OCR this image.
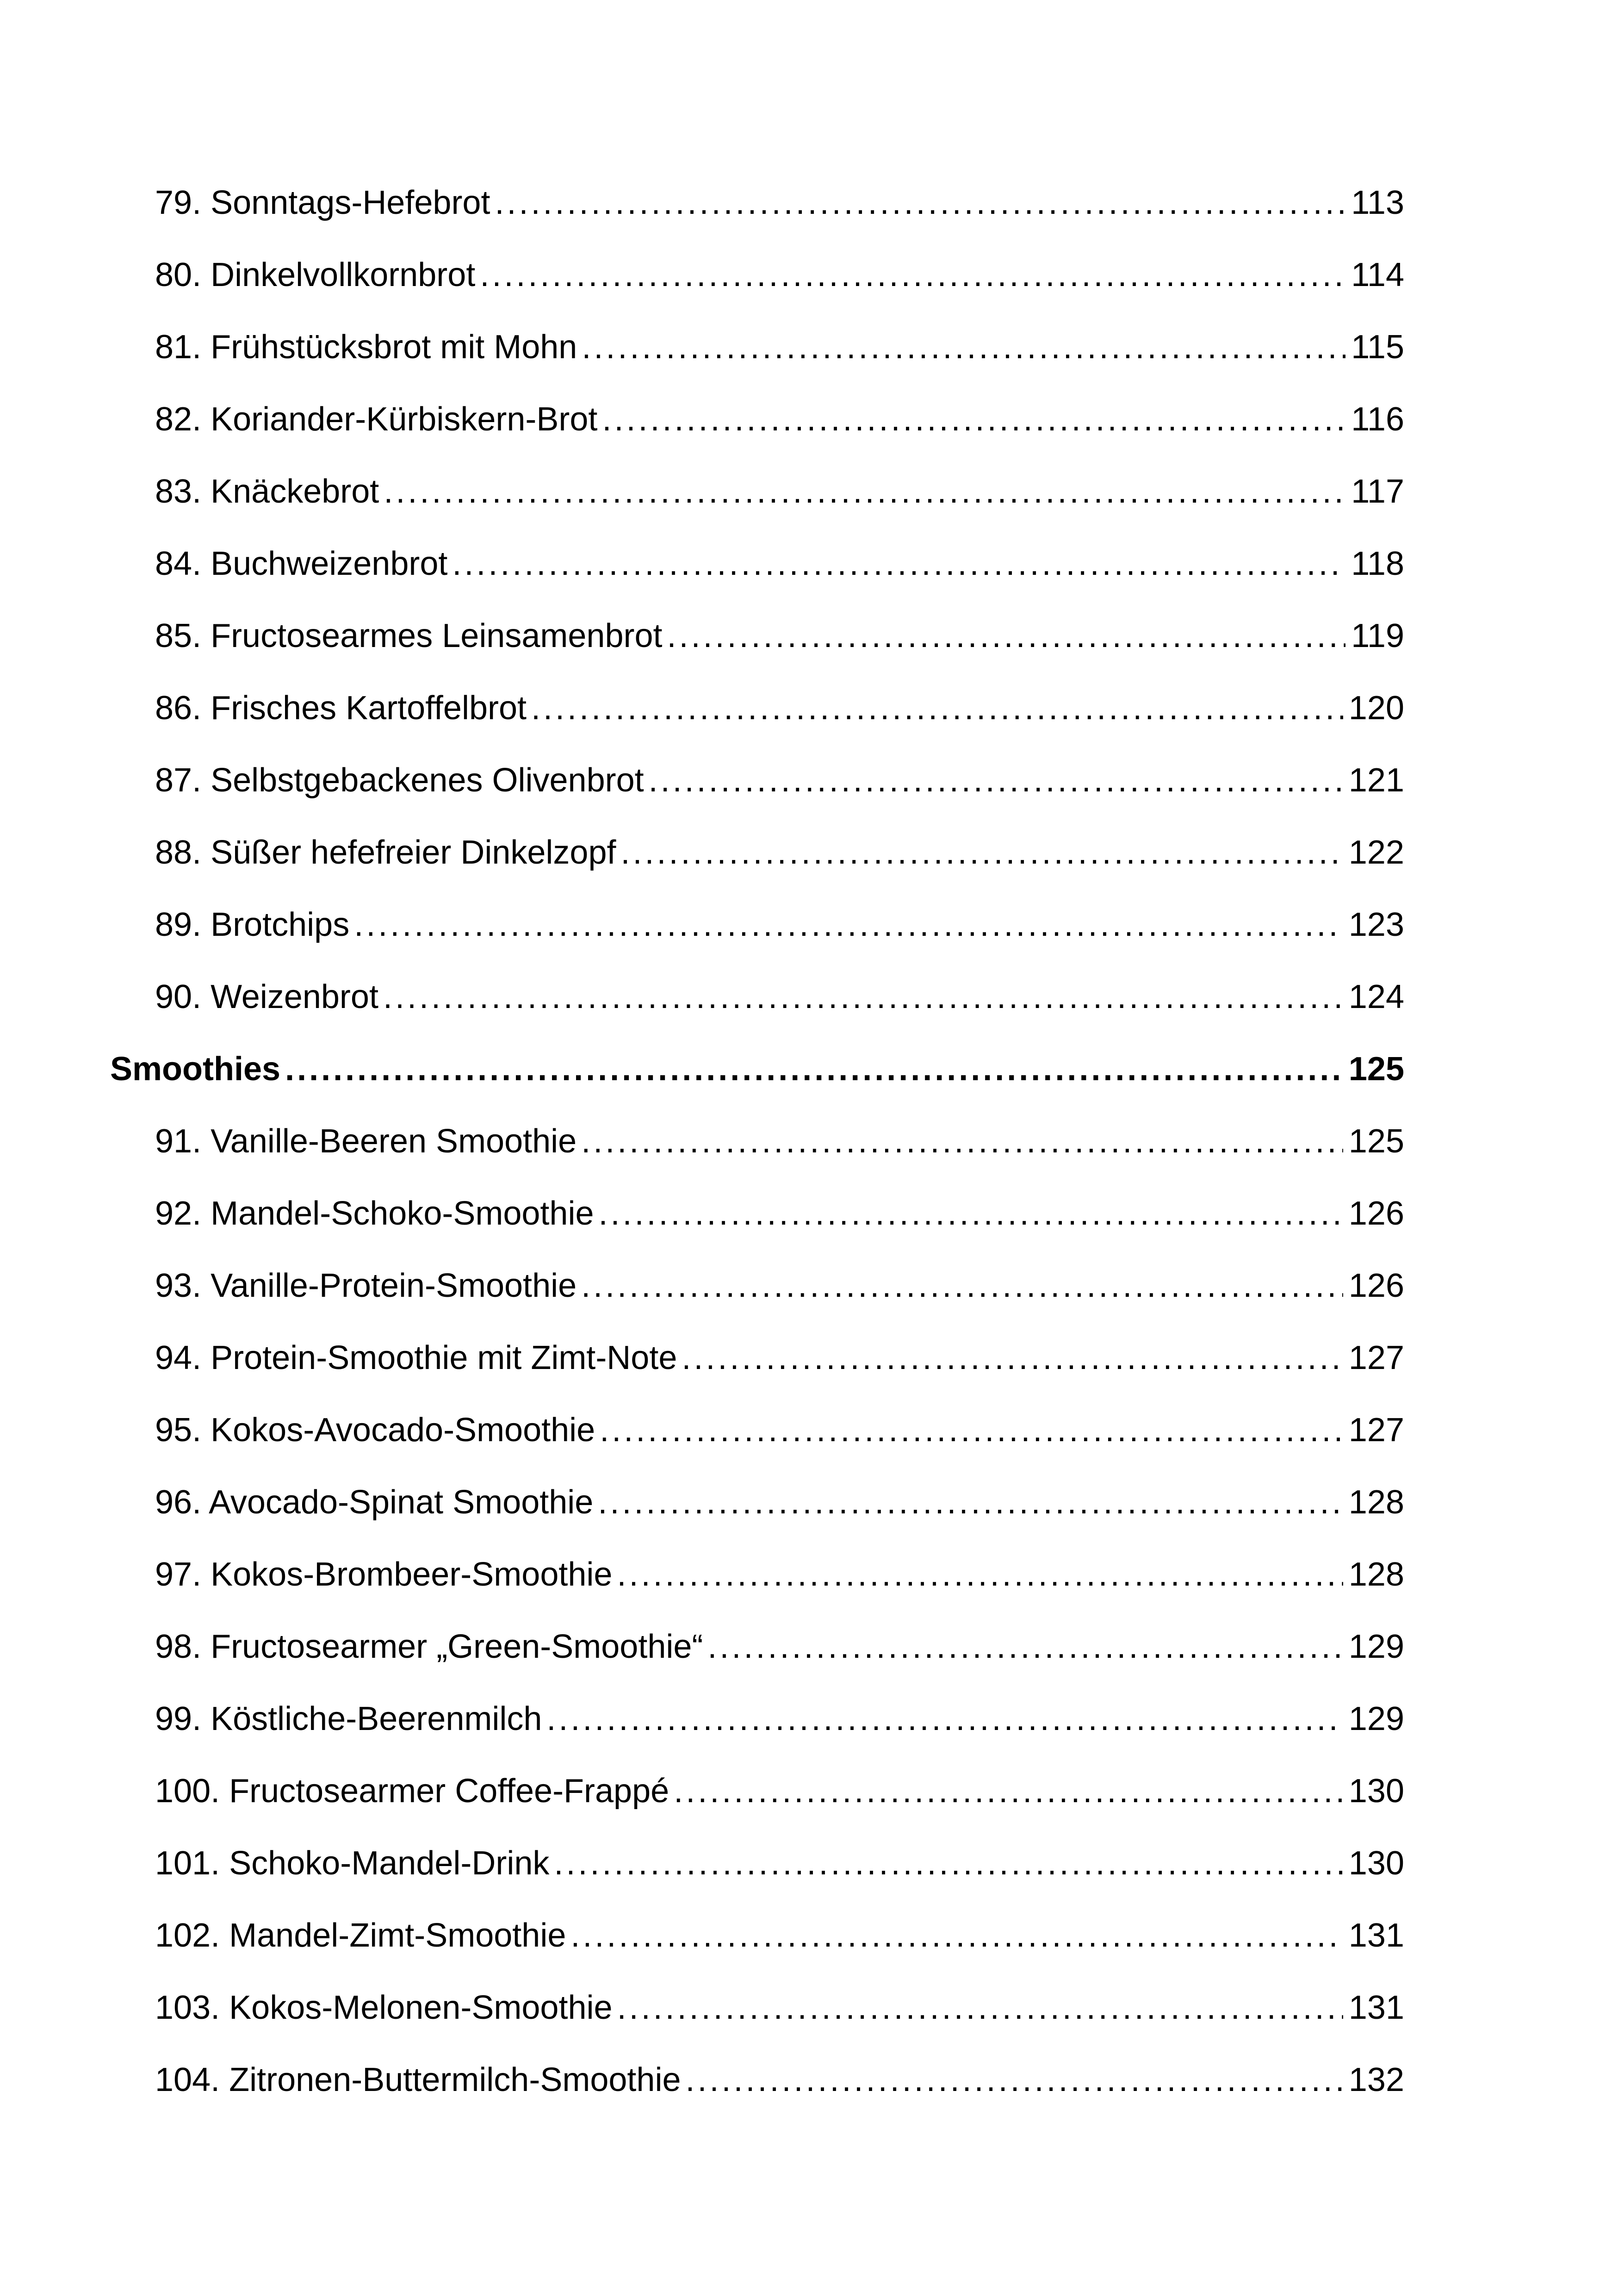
79. Sonntags-Hefebrot .....	113
80. Dinkelvollkornbrot .....	114
81. Frühstücksbrot mit Mohn .....	115
82. Koriander-Kürbiskern-Brot .....	116
83. Knäckebrot .....	117
84. Buchweizenbrot .....	118
85. Fructosearmes Leinsamenbrot .....	119
86. Frisches Kartoffelbrot .....	120
87. Selbstgebackenes Olivenbrot .....	121
88. Süßer hefefreier Dinkelzopf .....	122
89. Brotchips .....	123
90. Weizenbrot .....	124
Smoothies .....	125
91. Vanille-Beeren Smoothie .....	125
92. Mandel-Schoko-Smoothie .....	126
93. Vanille-Protein-Smoothie .....	126
94. Protein-Smoothie mit Zimt-Note .....	127
95. Kokos-Avocado-Smoothie .....	127
96. Avocado-Spinat Smoothie .....	128
97. Kokos-Brombeer-Smoothie .....	128
98. Fructosearmer „Green-Smoothie“ .....	129
99. Köstliche-Beerenmilch .....	129
100. Fructosearmer Coffee-Frappé .....	130
101. Schoko-Mandel-Drink .....	130
102. Mandel-Zimt-Smoothie .....	131
103. Kokos-Melonen-Smoothie .....	131
104. Zitronen-Buttermilch-Smoothie .....	132
